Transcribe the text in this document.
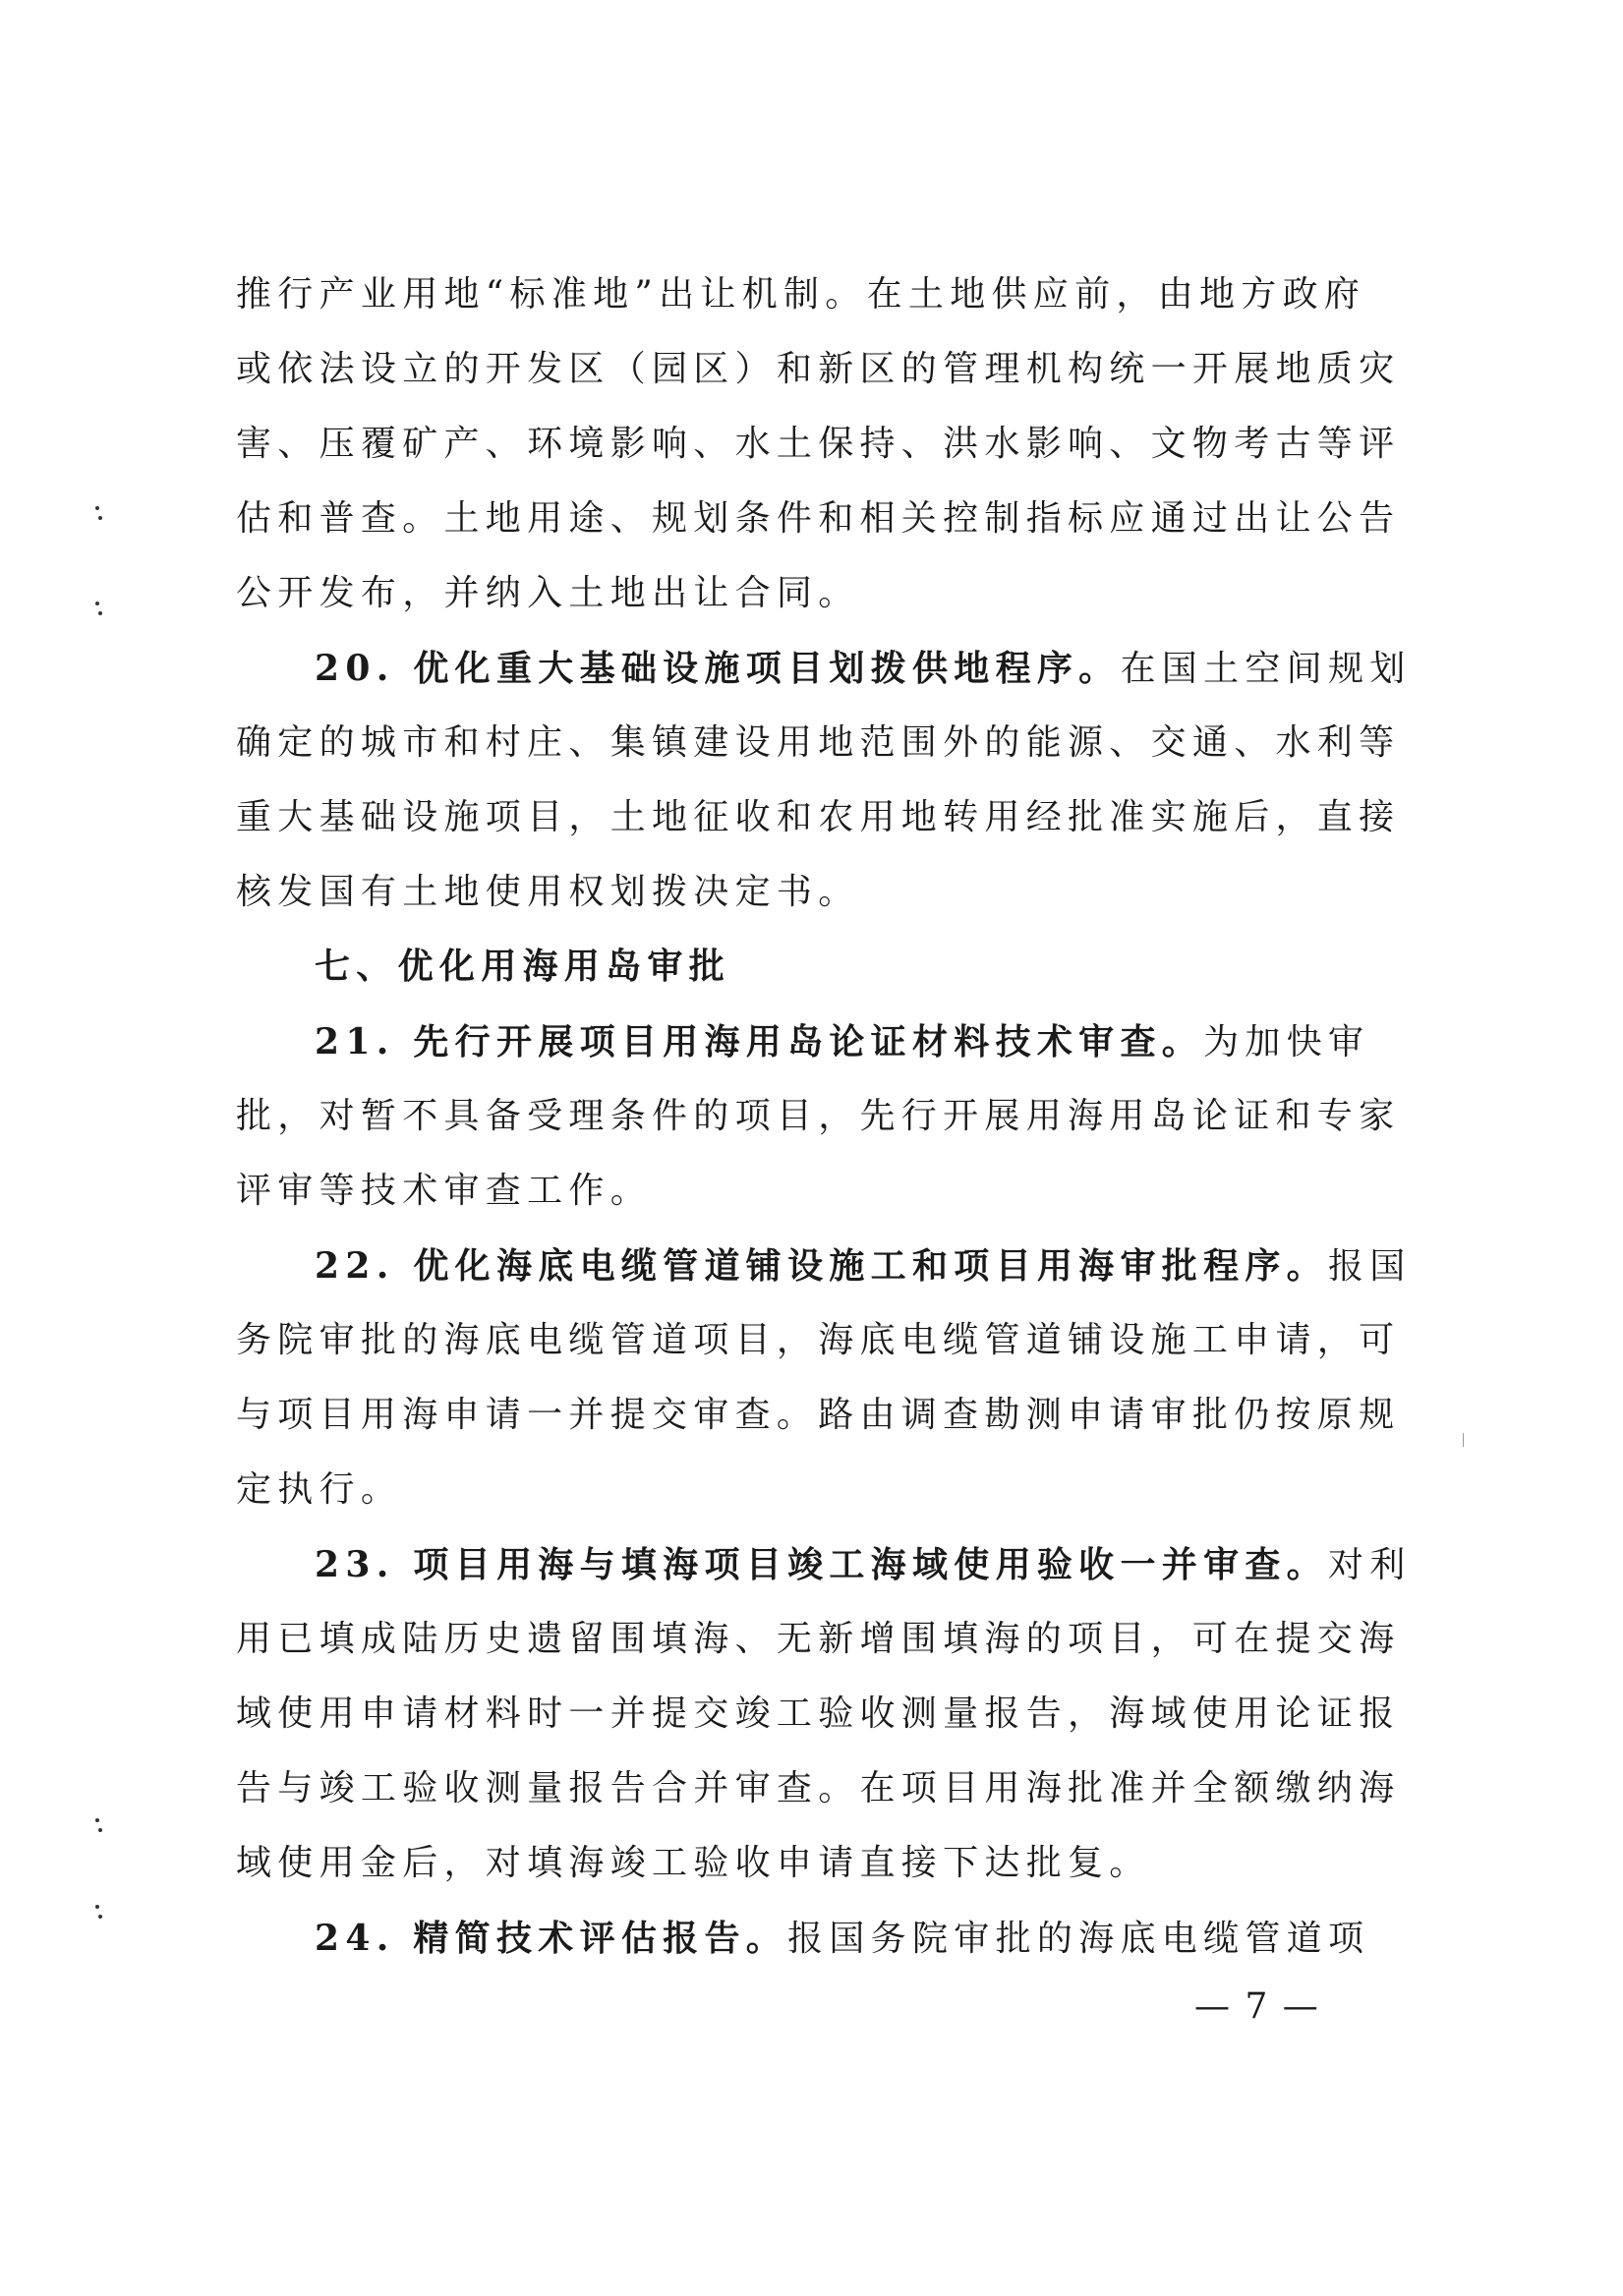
推行产业用地“标准地”出让机制。在土地供应前，由地方政府
或依法设立的开发区（园区）和新区的管理机构统一开展地质灾
害、压覆矿产、环境影响、水土保持、洪水影响、文物考古等评
估和普查。土地用途、规划条件和相关控制指标应通过出让公告
公开发布，并纳入土地出让合同。
20. 优化重大基础设施项目划拨供地程序。在国土空间规划
确定的城市和村庄、集镇建设用地范围外的能源、交通、水利等
重大基础设施项目，土地征收和农用地转用经批准实施后，直接
核发国有土地使用权划拨决定书。
七、优化用海用岛审批
21. 先行开展项目用海用岛论证材料技术审查。为加快审
批，对暂不具备受理条件的项目，先行开展用海用岛论证和专家
评审等技术审查工作。
22. 优化海底电缆管道铺设施工和项目用海审批程序。报国
务院审批的海底电缆管道项目，海底电缆管道铺设施工申请，可
与项目用海申请一并提交审查。路由调查勘测申请审批仍按原规
定执行。
23. 项目用海与填海项目竣工海域使用验收一并审查。对利
用已填成陆历史遗留围填海、无新增围填海的项目，可在提交海
域使用申请材料时一并提交竣工验收测量报告，海域使用论证报
告与竣工验收测量报告合并审查。在项目用海批准并全额缴纳海
域使用金后，对填海竣工验收申请直接下达批复。
24. 精简技术评估报告。报国务院审批的海底电缆管道项
— 7 —
